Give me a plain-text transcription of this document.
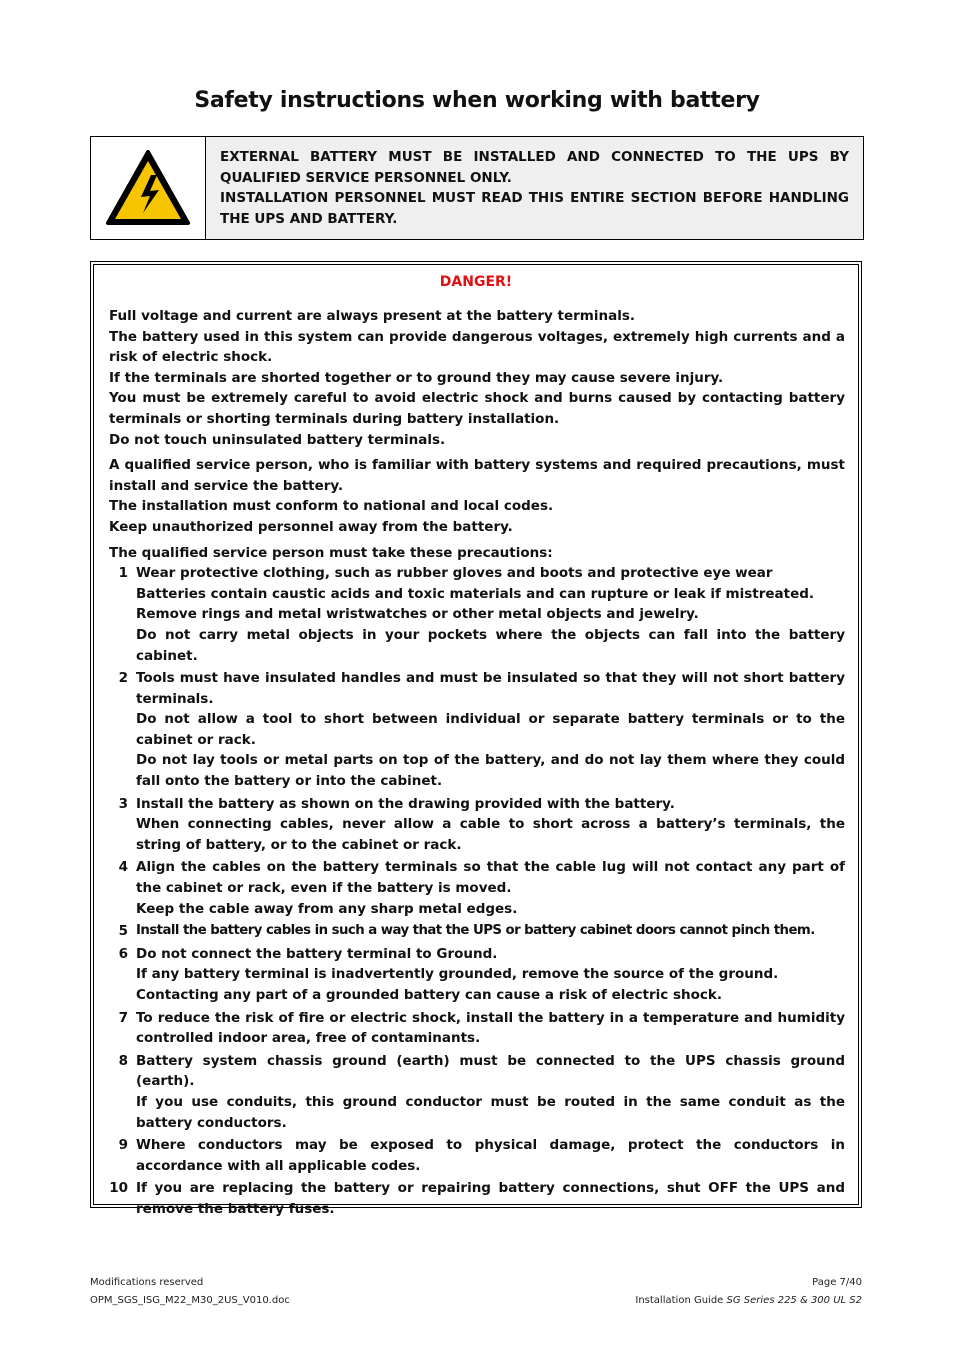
Safety instructions when working with battery

EXTERNAL BATTERY MUST BE INSTALLED AND CONNECTED TO THE UPS BY QUALIFIED SERVICE PERSONNEL ONLY.

INSTALLATION PERSONNEL MUST READ THIS ENTIRE SECTION BEFORE HANDLING THE UPS AND BATTERY.

DANGER!

Full voltage and current are always present at the battery terminals.
The battery used in this system can provide dangerous voltages, extremely high currents and a risk of electric shock.
If the terminals are shorted together or to ground they may cause severe injury.
You must be extremely careful to avoid electric shock and burns caused by contacting battery terminals or shorting terminals during battery installation.
Do not touch uninsulated battery terminals.
A qualified service person, who is familiar with battery systems and required precautions, must install and service the battery.
The installation must conform to national and local codes.
Keep unauthorized personnel away from the battery.
The qualified service person must take these precautions:
1 Wear protective clothing, such as rubber gloves and boots and protective eye wear
Batteries contain caustic acids and toxic materials and can rupture or leak if mistreated.
Remove rings and metal wristwatches or other metal objects and jewelry.
Do not carry metal objects in your pockets where the objects can fall into the battery cabinet.
2 Tools must have insulated handles and must be insulated so that they will not short battery terminals.
Do not allow a tool to short between individual or separate battery terminals or to the cabinet or rack.
Do not lay tools or metal parts on top of the battery, and do not lay them where they could fall onto the battery or into the cabinet.
3 Install the battery as shown on the drawing provided with the battery.
When connecting cables, never allow a cable to short across a battery’s terminals, the string of battery, or to the cabinet or rack.
4 Align the cables on the battery terminals so that the cable lug will not contact any part of the cabinet or rack, even if the battery is moved.
Keep the cable away from any sharp metal edges.
5 Install the battery cables in such a way that the UPS or battery cabinet doors cannot pinch them.
6 Do not connect the battery terminal to Ground.
If any battery terminal is inadvertently grounded, remove the source of the ground.
Contacting any part of a grounded battery can cause a risk of electric shock.
7 To reduce the risk of fire or electric shock, install the battery in a temperature and humidity controlled indoor area, free of contaminants.
8 Battery system chassis ground (earth) must be connected to the UPS chassis ground (earth).
If you use conduits, this ground conductor must be routed in the same conduit as the battery conductors.
9 Where conductors may be exposed to physical damage, protect the conductors in accordance with all applicable codes.
10 If you are replacing the battery or repairing battery connections, shut OFF the UPS and remove the battery fuses.
Modifications reserved
OPM_SGS_ISG_M22_M30_2US_V010.doc
Page 7/40
Installation Guide SG Series 225 & 300 UL S2
